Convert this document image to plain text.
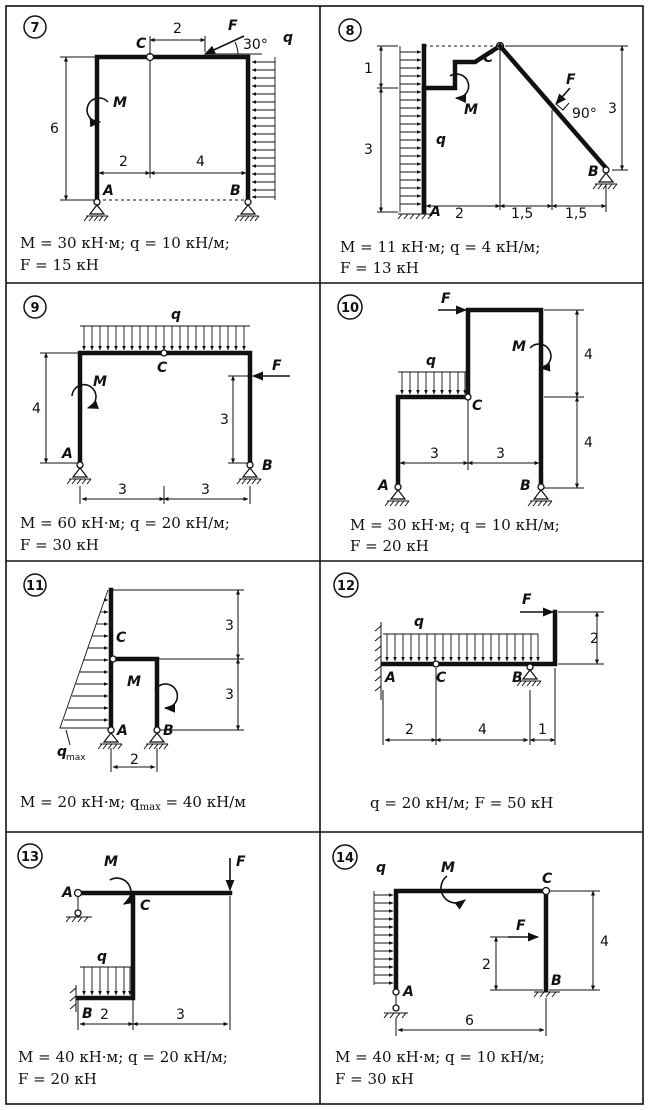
7
A	B
C
F
M
q
30°
2
6
2	4
M = 30 кН·м; q = 10 кН/м;
F = 15 кН
8
A
B
C
F
M
q
90°
1
3
3
2	1,5 1,5
M = 11 кН·м; q = 4 кН/м;
F = 13 кН
9
A
B
C	F
M
q
4
3
3	3
M = 60 кН·м; q = 20 кН/м;
F = 30 кН
10
A	B
C
F
M
q	4
4
3	3
M = 30 кН·м; q = 10 кН/м;
F = 20 кН
11
A	B
C
M
q
max
3
3
2
M = 20 кН·м; $q_{max} = 40$ кН/м
12
A	B
C
F
q
2
2	4	1
q = 20 кН/м; F = 50 кН
13
A
B
C
F
M
q
2	3
M = 40 кН·м; q = 20 кН/м;
F = 20 кН
14
A
B
C
F
M
q
4
2
6
M = 40 кН·м; q = 10 кН/м;
F = 30 кН
